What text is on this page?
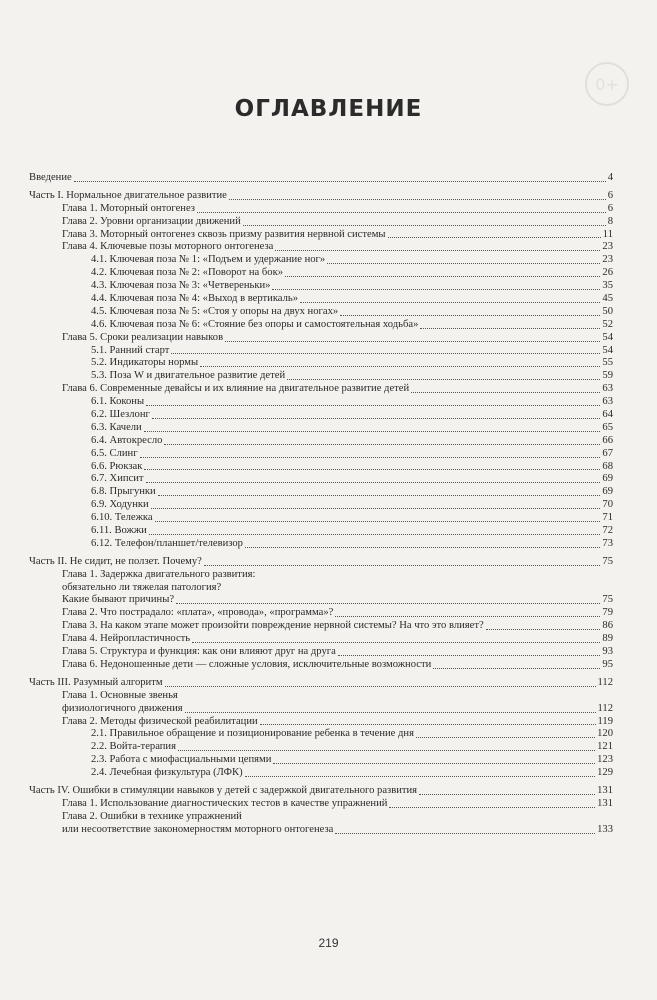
0+
ОГЛАВЛЕНИЕ
Введение	4
Часть I. Нормальное двигательное развитие	6
Глава 1. Моторный онтогенез	6
Глава 2. Уровни организации движений	8
Глава 3. Моторный онтогенез сквозь призму развития нервной системы	11
Глава 4. Ключевые позы моторного онтогенеза	23
4.1. Ключевая поза № 1: «Подъем и удержание ног»	23
4.2. Ключевая поза № 2: «Поворот на бок»	26
4.3. Ключевая поза № 3: «Четвереньки»	35
4.4. Ключевая поза № 4: «Выход в вертикаль»	45
4.5. Ключевая поза № 5: «Стоя у опоры на двух ногах»	50
4.6. Ключевая поза № 6: «Стояние без опоры и самостоятельная ходьба»	52
Глава 5. Сроки реализации навыков	54
5.1. Ранний старт	54
5.2. Индикаторы нормы	55
5.3. Поза W и двигательное развитие детей	59
Глава 6. Современные девайсы и их влияние на двигательное развитие детей	63
6.1. Коконы	63
6.2. Шезлонг	64
6.3. Качели	65
6.4. Автокресло	66
6.5. Слинг	67
6.6. Рюкзак	68
6.7. Хипсит	69
6.8. Прыгунки	69
6.9. Ходунки	70
6.10. Тележка	71
6.11. Вожжи	72
6.12. Телефон/планшет/телевизор	73
Часть II. Не сидит, не ползет. Почему?	75
Глава 1. Задержка двигательного развития:
обязательно ли тяжелая патология?
Какие бывают причины?	75
Глава 2. Что пострадало: «плата», «провода», «программа»?	79
Глава 3. На каком этапе может произойти повреждение нервной системы? На что это влияет?	86
Глава 4. Нейропластичность	89
Глава 5. Структура и функция: как они влияют друг на друга	93
Глава 6. Недоношенные дети — сложные условия, исключительные возможности	95
Часть III. Разумный алгоритм	112
Глава 1. Основные звенья
физиологичного движения	112
Глава 2. Методы физической реабилитации	119
2.1. Правильное обращение и позиционирование ребенка в течение дня	120
2.2. Войта-терапия	121
2.3. Работа с миофасциальными цепями	123
2.4. Лечебная физкультура (ЛФК)	129
Часть IV. Ошибки в стимуляции навыков у детей с задержкой двигательного развития	131
Глава 1. Использование диагностических тестов в качестве упражнений	131
Глава 2. Ошибки в технике упражнений
или несоответствие закономерностям моторного онтогенеза	133
219
